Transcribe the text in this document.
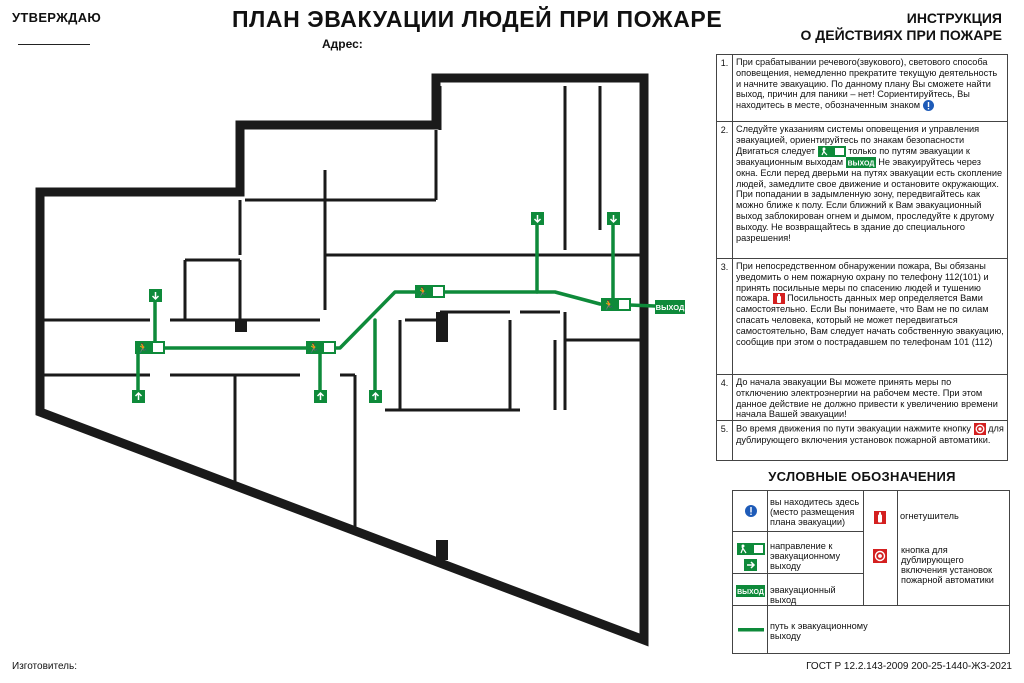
УТВЕРЖДАЮ	ПЛАН ЭВАКУАЦИИ ЛЮДЕЙ ПРИ ПОЖАРЕ
Адрес:
ИНСТРУКЦИЯ
О ДЕЙСТВИЯХ ПРИ ПОЖАРЕ
🏃	🏃
🏃
🏃	ВЫХОД
1. При срабатывании речевого(звукового), светового способа оповещения, немедленно прекратите текущую деятельность и начните эвакуацию. По данному плану Вы сможете найти выход, причин для паники – нет! Сориентируйтесь, Вы находитесь в месте, обозначенным знаком
2. Следуйте указаниям системы оповещения и управления эвакуацией, ориентируйтесь по знакам безопасности Двигаться следует	только по путям эвакуации к эвакуационным выходам ВЫХОД Не эвакуируйтесь через окна. Если перед дверьми на путях эвакуации есть скопление людей, замедлите свое движение и остановите окружающих. При попадании в задымленную зону, передвигайтесь как можно ближе к полу. Если ближний к Вам эвакуационный выход заблокирован огнем и дымом, проследуйте к другому выходу. Не возвращайтесь в здание до специального разрешения!
3. При непосредственном обнаружении пожара, Вы обязаны уведомить о нем пожарную охрану по телефону 112(101) и принять посильные меры по спасению людей и тушению пожара. Посильность данных мер определяется Вами самостоятельно. Если Вы понимаете, что Вам не по силам спасать человека, который не может передвигаться самостоятельно, Вам следует начать собственную эвакуацию, сообщив при этом о пострадавшем по телефонам 101 (112)
4. До начала эвакуации Вы можете принять меры по отключению электроэнергии на рабочем месте. При этом данное действие не должно привести к увеличению времени начала Вашей эвакуации!
5. Во время движения по пути эвакуации нажмите кнопку для дублирующего включения установок пожарной автоматики.
УСЛОВНЫЕ ОБОЗНАЧЕНИЯ
вы находитесь здесь (место размещения плана эвакуации)
направление к эвакуационному выходу
ВЫХОД эвакуационный выход
путь к эвакуационному выходу
огнетушитель
кнопка для дублирующего включения установок пожарной автоматики
Изготовитель:	ГОСТ Р 12.2.143-2009 200-25-1440-ЖЗ-2021
